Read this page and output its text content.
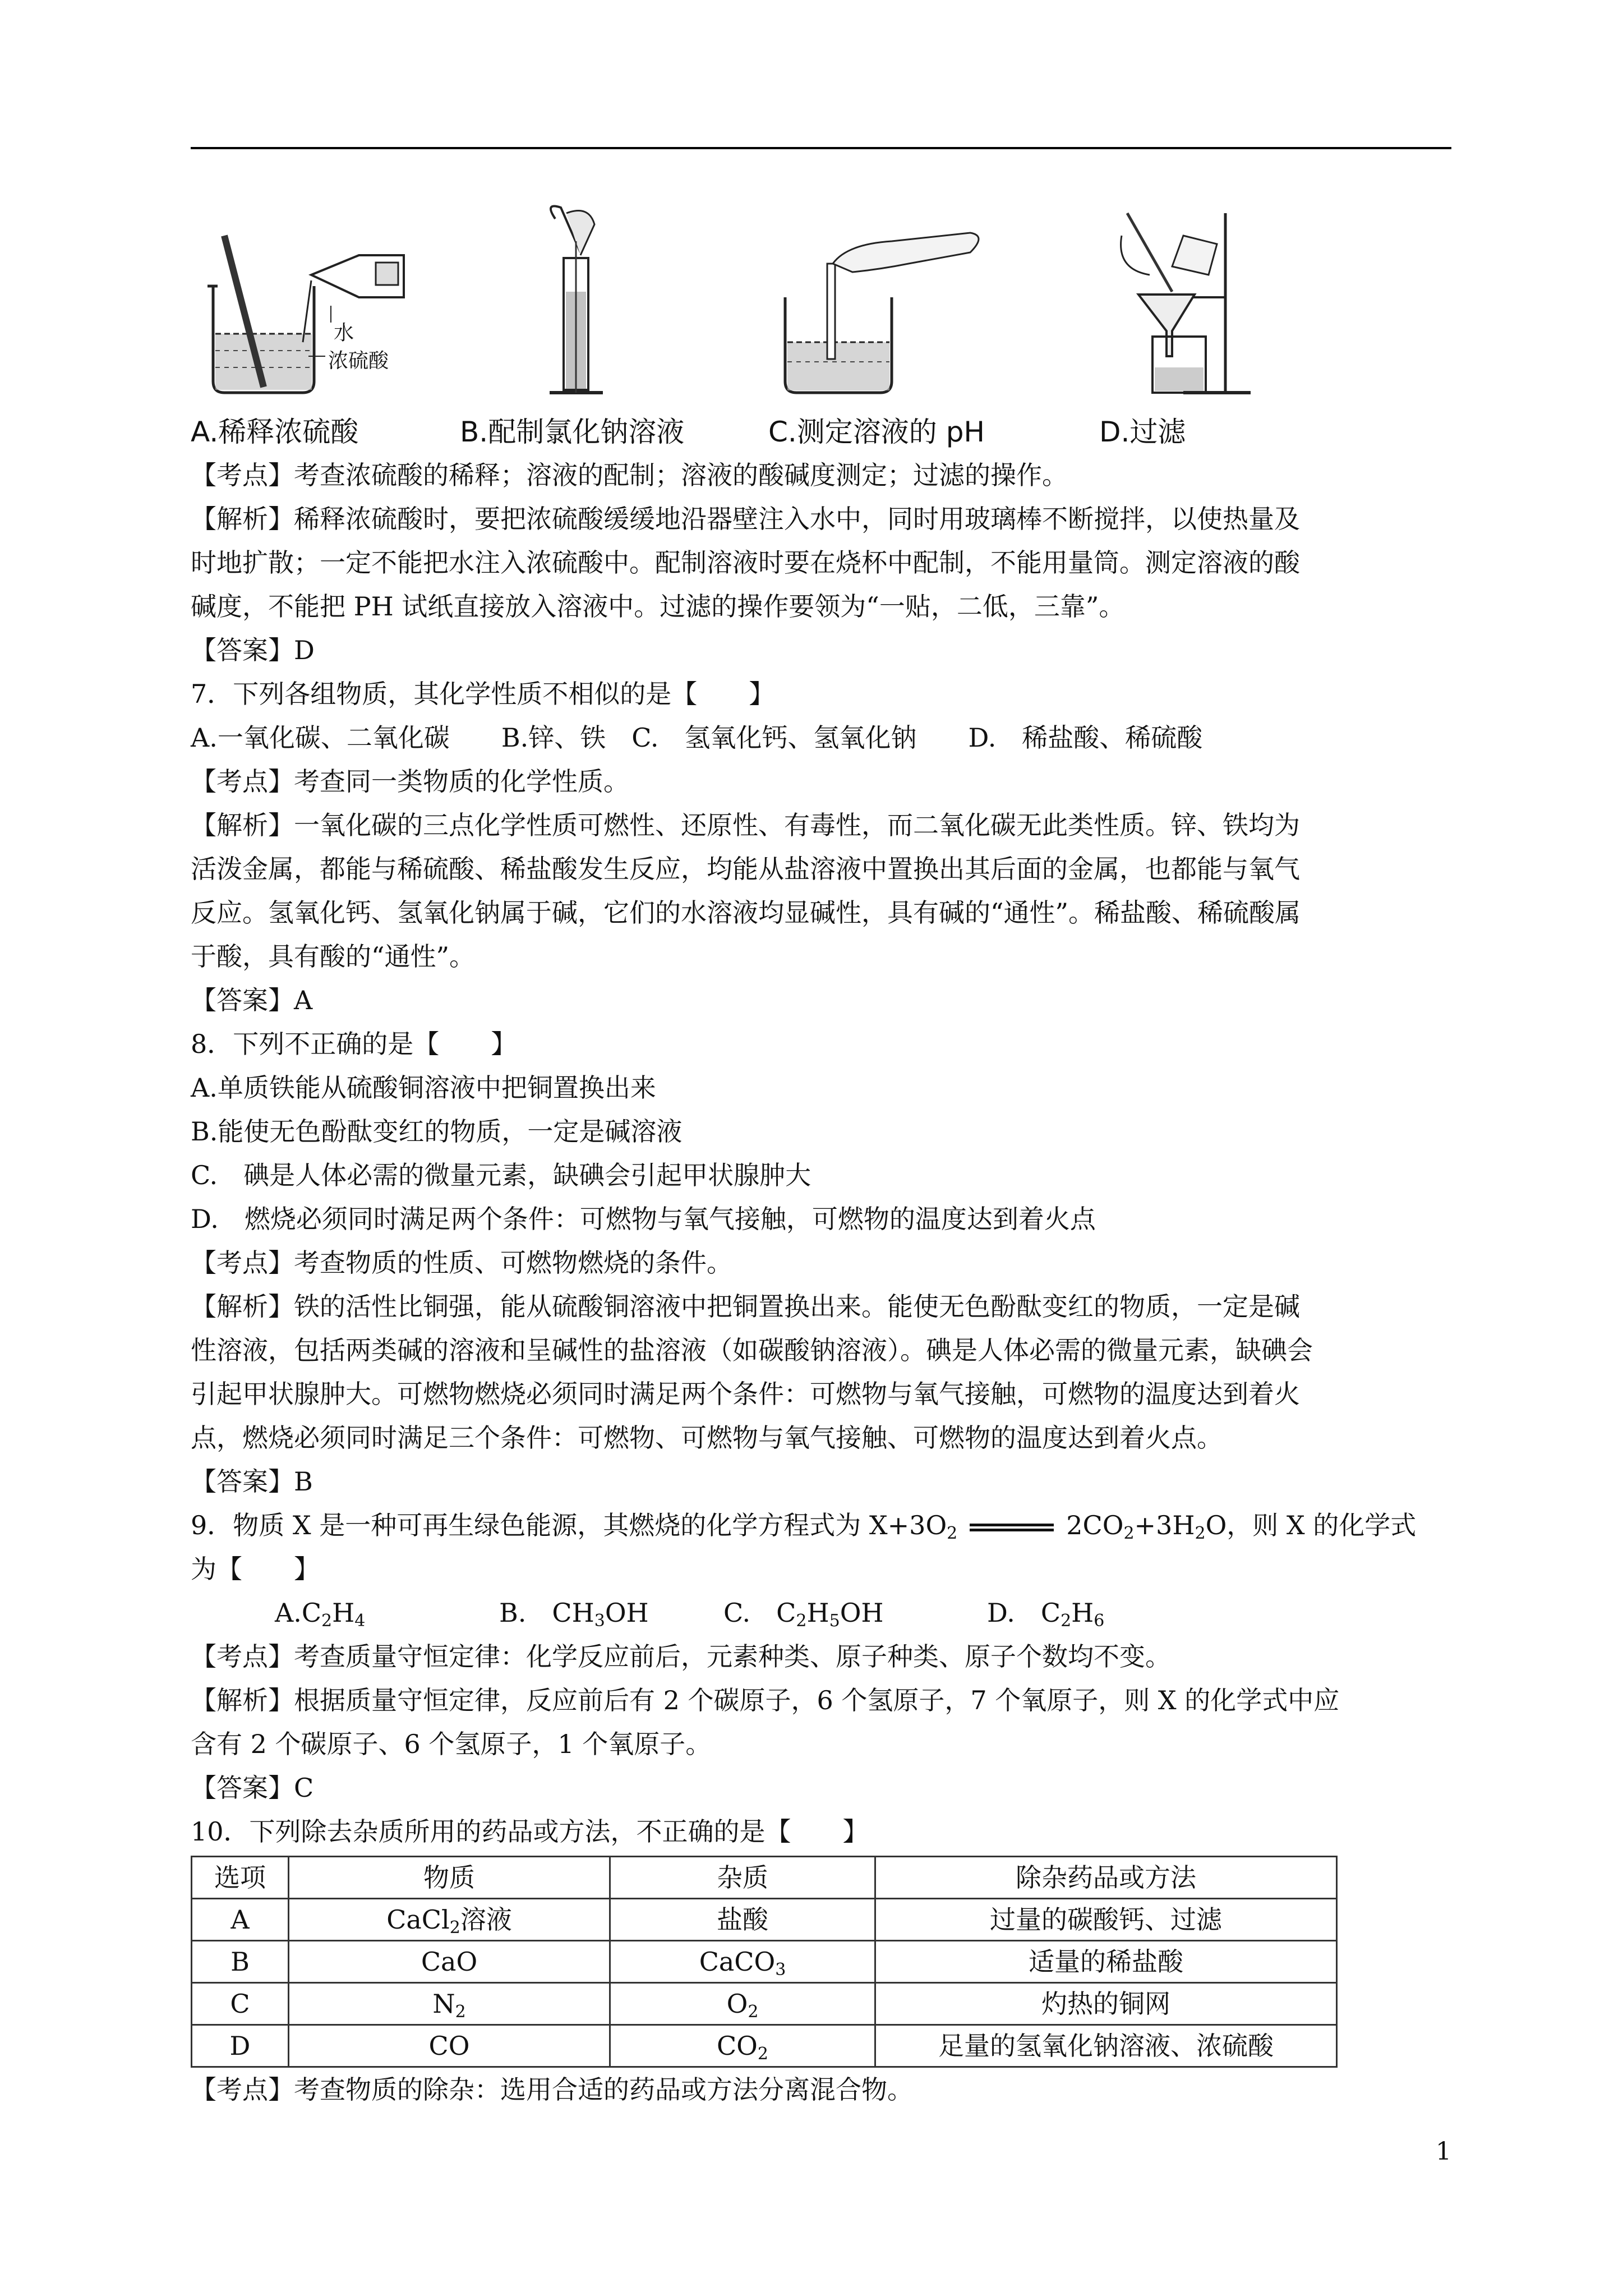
水
浓硫酸
A.稀释浓硫酸	B.配制氯化钠溶液	C.测定溶液的 pH	D.过滤
【考点】考查浓硫酸的稀释；溶液的配制；溶液的酸碱度测定；过滤的操作。
【解析】稀释浓硫酸时，要把浓硫酸缓缓地沿器壁注入水中，同时用玻璃棒不断搅拌，以使热量及
时地扩散；一定不能把水注入浓硫酸中。配制溶液时要在烧杯中配制，不能用量筒。测定溶液的酸
碱度，不能把 PH 试纸直接放入溶液中。过滤的操作要领为“一贴，二低，三靠”。
【答案】D
7．下列各组物质，其化学性质不相似的是【　　】
A.一氧化碳、二氧化碳　　B.锌、铁　C.　氢氧化钙、氢氧化钠　　D.　稀盐酸、稀硫酸
【考点】考查同一类物质的化学性质。
【解析】一氧化碳的三点化学性质可燃性、还原性、有毒性，而二氧化碳无此类性质。锌、铁均为
活泼金属，都能与稀硫酸、稀盐酸发生反应，均能从盐溶液中置换出其后面的金属，也都能与氧气
反应。氢氧化钙、氢氧化钠属于碱，它们的水溶液均显碱性，具有碱的“通性”。稀盐酸、稀硫酸属
于酸，具有酸的“通性”。
【答案】A
8．下列不正确的是【　　】
A.单质铁能从硫酸铜溶液中把铜置换出来
B.能使无色酚酞变红的物质，一定是碱溶液
C.　碘是人体必需的微量元素，缺碘会引起甲状腺肿大
D.　燃烧必须同时满足两个条件：可燃物与氧气接触，可燃物的温度达到着火点
【考点】考查物质的性质、可燃物燃烧的条件。
【解析】铁的活性比铜强，能从硫酸铜溶液中把铜置换出来。能使无色酚酞变红的物质，一定是碱
性溶液，包括两类碱的溶液和呈碱性的盐溶液（如碳酸钠溶液）。碘是人体必需的微量元素，缺碘会
引起甲状腺肿大。可燃物燃烧必须同时满足两个条件：可燃物与氧气接触，可燃物的温度达到着火
点，燃烧必须同时满足三个条件：可燃物、可燃物与氧气接触、可燃物的温度达到着火点。
【答案】B
9．物质 X 是一种可再生绿色能源，其燃烧的化学方程式为 $X+3O_2$	$2CO_2+3H_2O$，则 X 的化学式
为【　　】
$A.C_2H_4$	B.　$CH_3OH$	C.　$C_2H_5OH$	D.　$C_2H_6$
【考点】考查质量守恒定律：化学反应前后，元素种类、原子种类、原子个数均不变。
【解析】根据质量守恒定律，反应前后有 2 个碳原子，6 个氢原子，7 个氧原子，则 X 的化学式中应
含有 2 个碳原子、6 个氢原子，1 个氧原子。
【答案】C
10．下列除去杂质所用的药品或方法，不正确的是【　　】
选项	物质	杂质	除杂药品或方法
A	CaCl$_2$溶液	盐酸	过量的碳酸钙、过滤
B	CaO	CaCO$_3$	适量的稀盐酸
C	$N_2$	$O_2$	灼热的铜网
D	CO	$CO_2$	足量的氢氧化钠溶液、浓硫酸
【考点】考查物质的除杂：选用合适的药品或方法分离混合物。
1
